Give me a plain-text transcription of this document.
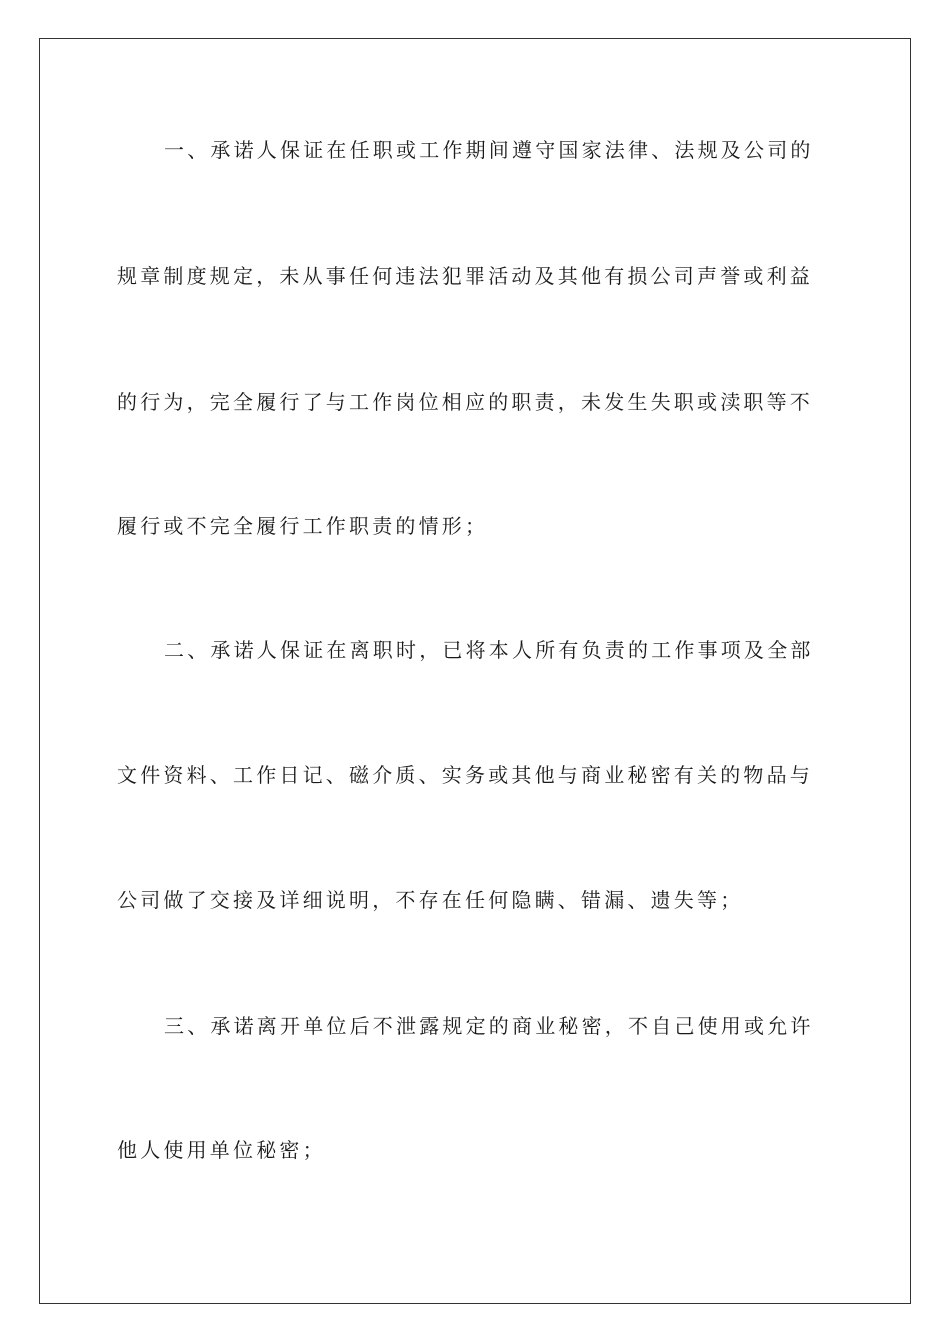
一、承诺人保证在任职或工作期间遵守国家法律、法规及公司的
规章制度规定，未从事任何违法犯罪活动及其他有损公司声誉或利益
的行为，完全履行了与工作岗位相应的职责，未发生失职或渎职等不
履行或不完全履行工作职责的情形；
二、承诺人保证在离职时，已将本人所有负责的工作事项及全部
文件资料、工作日记、磁介质、实务或其他与商业秘密有关的物品与
公司做了交接及详细说明，不存在任何隐瞒、错漏、遗失等；
三、承诺离开单位后不泄露规定的商业秘密，不自己使用或允许
他人使用单位秘密；
